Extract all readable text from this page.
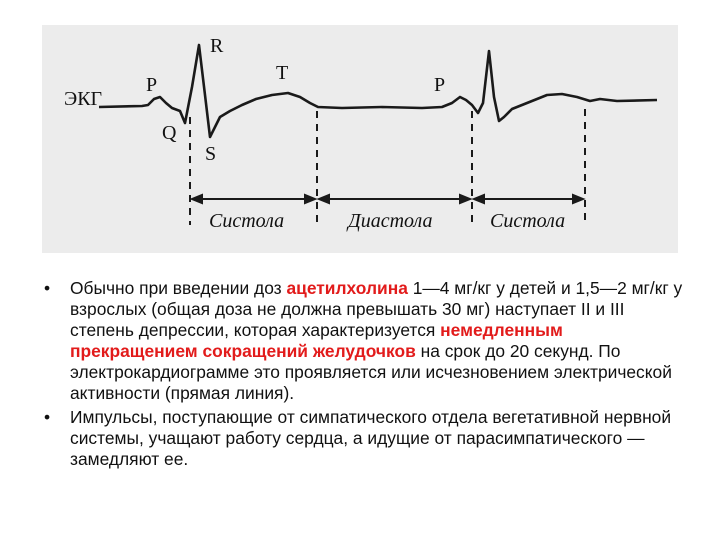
ЭКГ
P
Q
R
S
T
P
Систола	Диастола	Систола
• Обычно при введении доз ацетилхолина 1—4 мг/кг у детей и 1,5—2 мг/кг у взрослых (общая доза не должна превышать 30 мг) наступает II и III степень депрессии, которая характеризуется немедленным прекращением сокращений желудочков на срок до 20 секунд. По электрокардиограмме это проявляется или исчезновением электрической активности (прямая линия).
• Импульсы, поступающие от симпатического отдела вегетативной нервной системы, учащают работу сердца, а идущие от парасимпатического — замедляют ее.
